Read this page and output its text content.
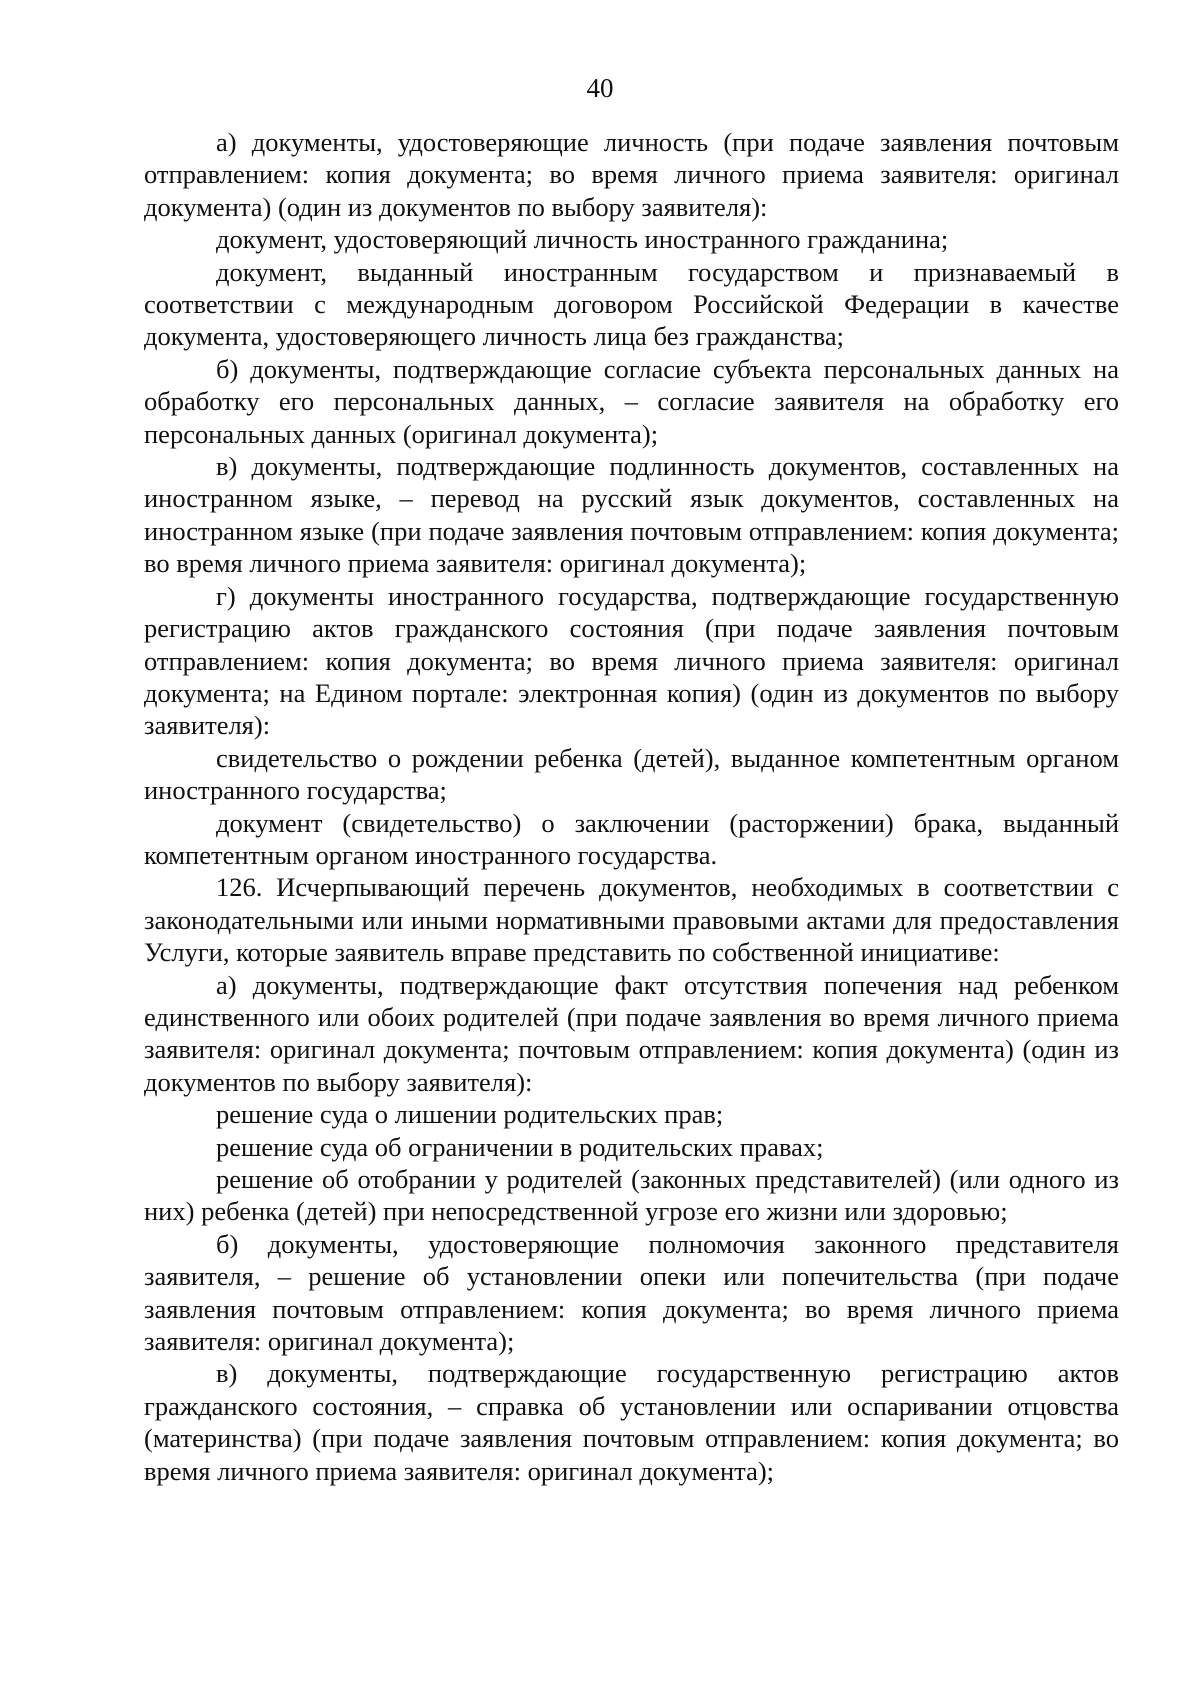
40

а) документы, удостоверяющие личность (при подаче заявления почтовым отправлением: копия документа; во время личного приема заявителя: оригинал документа) (один из документов по выбору заявителя):

документ, удостоверяющий личность иностранного гражданина;

документ, выданный иностранным государством и признаваемый в соответствии с международным договором Российской Федерации в качестве документа, удостоверяющего личность лица без гражданства;

б) документы, подтверждающие согласие субъекта персональных данных на обработку его персональных данных, – согласие заявителя на обработку его персональных данных (оригинал документа);

в) документы, подтверждающие подлинность документов, составленных на иностранном языке, – перевод на русский язык документов, составленных на иностранном языке (при подаче заявления почтовым отправлением: копия документа; во время личного приема заявителя: оригинал документа);

г) документы иностранного государства, подтверждающие государственную регистрацию актов гражданского состояния (при подаче заявления почтовым отправлением: копия документа; во время личного приема заявителя: оригинал документа; на Едином портале: электронная копия) (один из документов по выбору заявителя):

свидетельство о рождении ребенка (детей), выданное компетентным органом иностранного государства;

документ (свидетельство) о заключении (расторжении) брака, выданный компетентным органом иностранного государства.

126. Исчерпывающий перечень документов, необходимых в соответствии с законодательными или иными нормативными правовыми актами для предоставления Услуги, которые заявитель вправе представить по собственной инициативе:

а) документы, подтверждающие факт отсутствия попечения над ребенком единственного или обоих родителей (при подаче заявления во время личного приема заявителя: оригинал документа; почтовым отправлением: копия документа) (один из документов по выбору заявителя):

решение суда о лишении родительских прав;

решение суда об ограничении в родительских правах;

решение об отобрании у родителей (законных представителей) (или одного из них) ребенка (детей) при непосредственной угрозе его жизни или здоровью;

б) документы, удостоверяющие полномочия законного представителя заявителя, – решение об установлении опеки или попечительства (при подаче заявления почтовым отправлением: копия документа; во время личного приема заявителя: оригинал документа);

в) документы, подтверждающие государственную регистрацию актов гражданского состояния, – справка об установлении или оспаривании отцовства (материнства) (при подаче заявления почтовым отправлением: копия документа; во время личного приема заявителя: оригинал документа);
